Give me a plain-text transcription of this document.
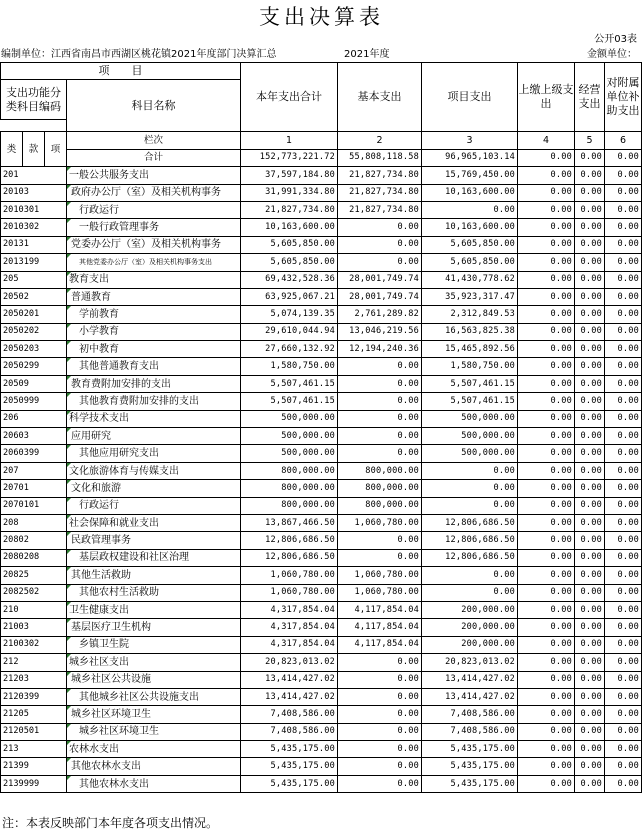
支出决算表
公开03表
编制单位：江西省南昌市西湖区桃花镇2021年度部门决算汇总	2021年度	金额单位：
项　　目				本年支出合计	基本支出	项目支出	上缴上级支出	经营支出	对附属单位补助支出
支出功能分类科目编码			科目名称						

类	款	项	栏次	1	2	3	4	5	6
			合计	152,773,221.72	55,808,118.58	96,965,103.14	0.00	0.00	0.00
201			一般公共服务支出	37,597,184.80	21,827,734.80	15,769,450.00	0.00	0.00	0.00
20103			政府办公厅（室）及相关机构事务	31,991,334.80	21,827,734.80	10,163,600.00	0.00	0.00	0.00
2010301			行政运行	21,827,734.80	21,827,734.80	0.00	0.00	0.00	0.00
2010302			一般行政管理事务	10,163,600.00	0.00	10,163,600.00	0.00	0.00	0.00
20131			党委办公厅（室）及相关机构事务	5,605,850.00	0.00	5,605,850.00	0.00	0.00	0.00
2013199			其他党委办公厅（室）及相关机构事务支出	5,605,850.00	0.00	5,605,850.00	0.00	0.00	0.00
205			教育支出	69,432,528.36	28,001,749.74	41,430,778.62	0.00	0.00	0.00
20502			普通教育	63,925,067.21	28,001,749.74	35,923,317.47	0.00	0.00	0.00
2050201			学前教育	5,074,139.35	2,761,289.82	2,312,849.53	0.00	0.00	0.00
2050202			小学教育	29,610,044.94	13,046,219.56	16,563,825.38	0.00	0.00	0.00
2050203			初中教育	27,660,132.92	12,194,240.36	15,465,892.56	0.00	0.00	0.00
2050299			其他普通教育支出	1,580,750.00	0.00	1,580,750.00	0.00	0.00	0.00
20509			教育费附加安排的支出	5,507,461.15	0.00	5,507,461.15	0.00	0.00	0.00
2050999			其他教育费附加安排的支出	5,507,461.15	0.00	5,507,461.15	0.00	0.00	0.00
206			科学技术支出	500,000.00	0.00	500,000.00	0.00	0.00	0.00
20603			应用研究	500,000.00	0.00	500,000.00	0.00	0.00	0.00
2060399			其他应用研究支出	500,000.00	0.00	500,000.00	0.00	0.00	0.00
207			文化旅游体育与传媒支出	800,000.00	800,000.00	0.00	0.00	0.00	0.00
20701			文化和旅游	800,000.00	800,000.00	0.00	0.00	0.00	0.00
2070101			行政运行	800,000.00	800,000.00	0.00	0.00	0.00	0.00
208			社会保障和就业支出	13,867,466.50	1,060,780.00	12,806,686.50	0.00	0.00	0.00
20802			民政管理事务	12,806,686.50	0.00	12,806,686.50	0.00	0.00	0.00
2080208			基层政权建设和社区治理	12,806,686.50	0.00	12,806,686.50	0.00	0.00	0.00
20825			其他生活救助	1,060,780.00	1,060,780.00	0.00	0.00	0.00	0.00
2082502			其他农村生活救助	1,060,780.00	1,060,780.00	0.00	0.00	0.00	0.00
210			卫生健康支出	4,317,854.04	4,117,854.04	200,000.00	0.00	0.00	0.00
21003			基层医疗卫生机构	4,317,854.04	4,117,854.04	200,000.00	0.00	0.00	0.00
2100302			乡镇卫生院	4,317,854.04	4,117,854.04	200,000.00	0.00	0.00	0.00
212			城乡社区支出	20,823,013.02	0.00	20,823,013.02	0.00	0.00	0.00
21203			城乡社区公共设施	13,414,427.02	0.00	13,414,427.02	0.00	0.00	0.00
2120399			其他城乡社区公共设施支出	13,414,427.02	0.00	13,414,427.02	0.00	0.00	0.00
21205			城乡社区环境卫生	7,408,586.00	0.00	7,408,586.00	0.00	0.00	0.00
2120501			城乡社区环境卫生	7,408,586.00	0.00	7,408,586.00	0.00	0.00	0.00
213			农林水支出	5,435,175.00	0.00	5,435,175.00	0.00	0.00	0.00
21399			其他农林水支出	5,435,175.00	0.00	5,435,175.00	0.00	0.00	0.00
2139999			其他农林水支出	5,435,175.00	0.00	5,435,175.00	0.00	0.00	0.00
注：本表反映部门本年度各项支出情况。
